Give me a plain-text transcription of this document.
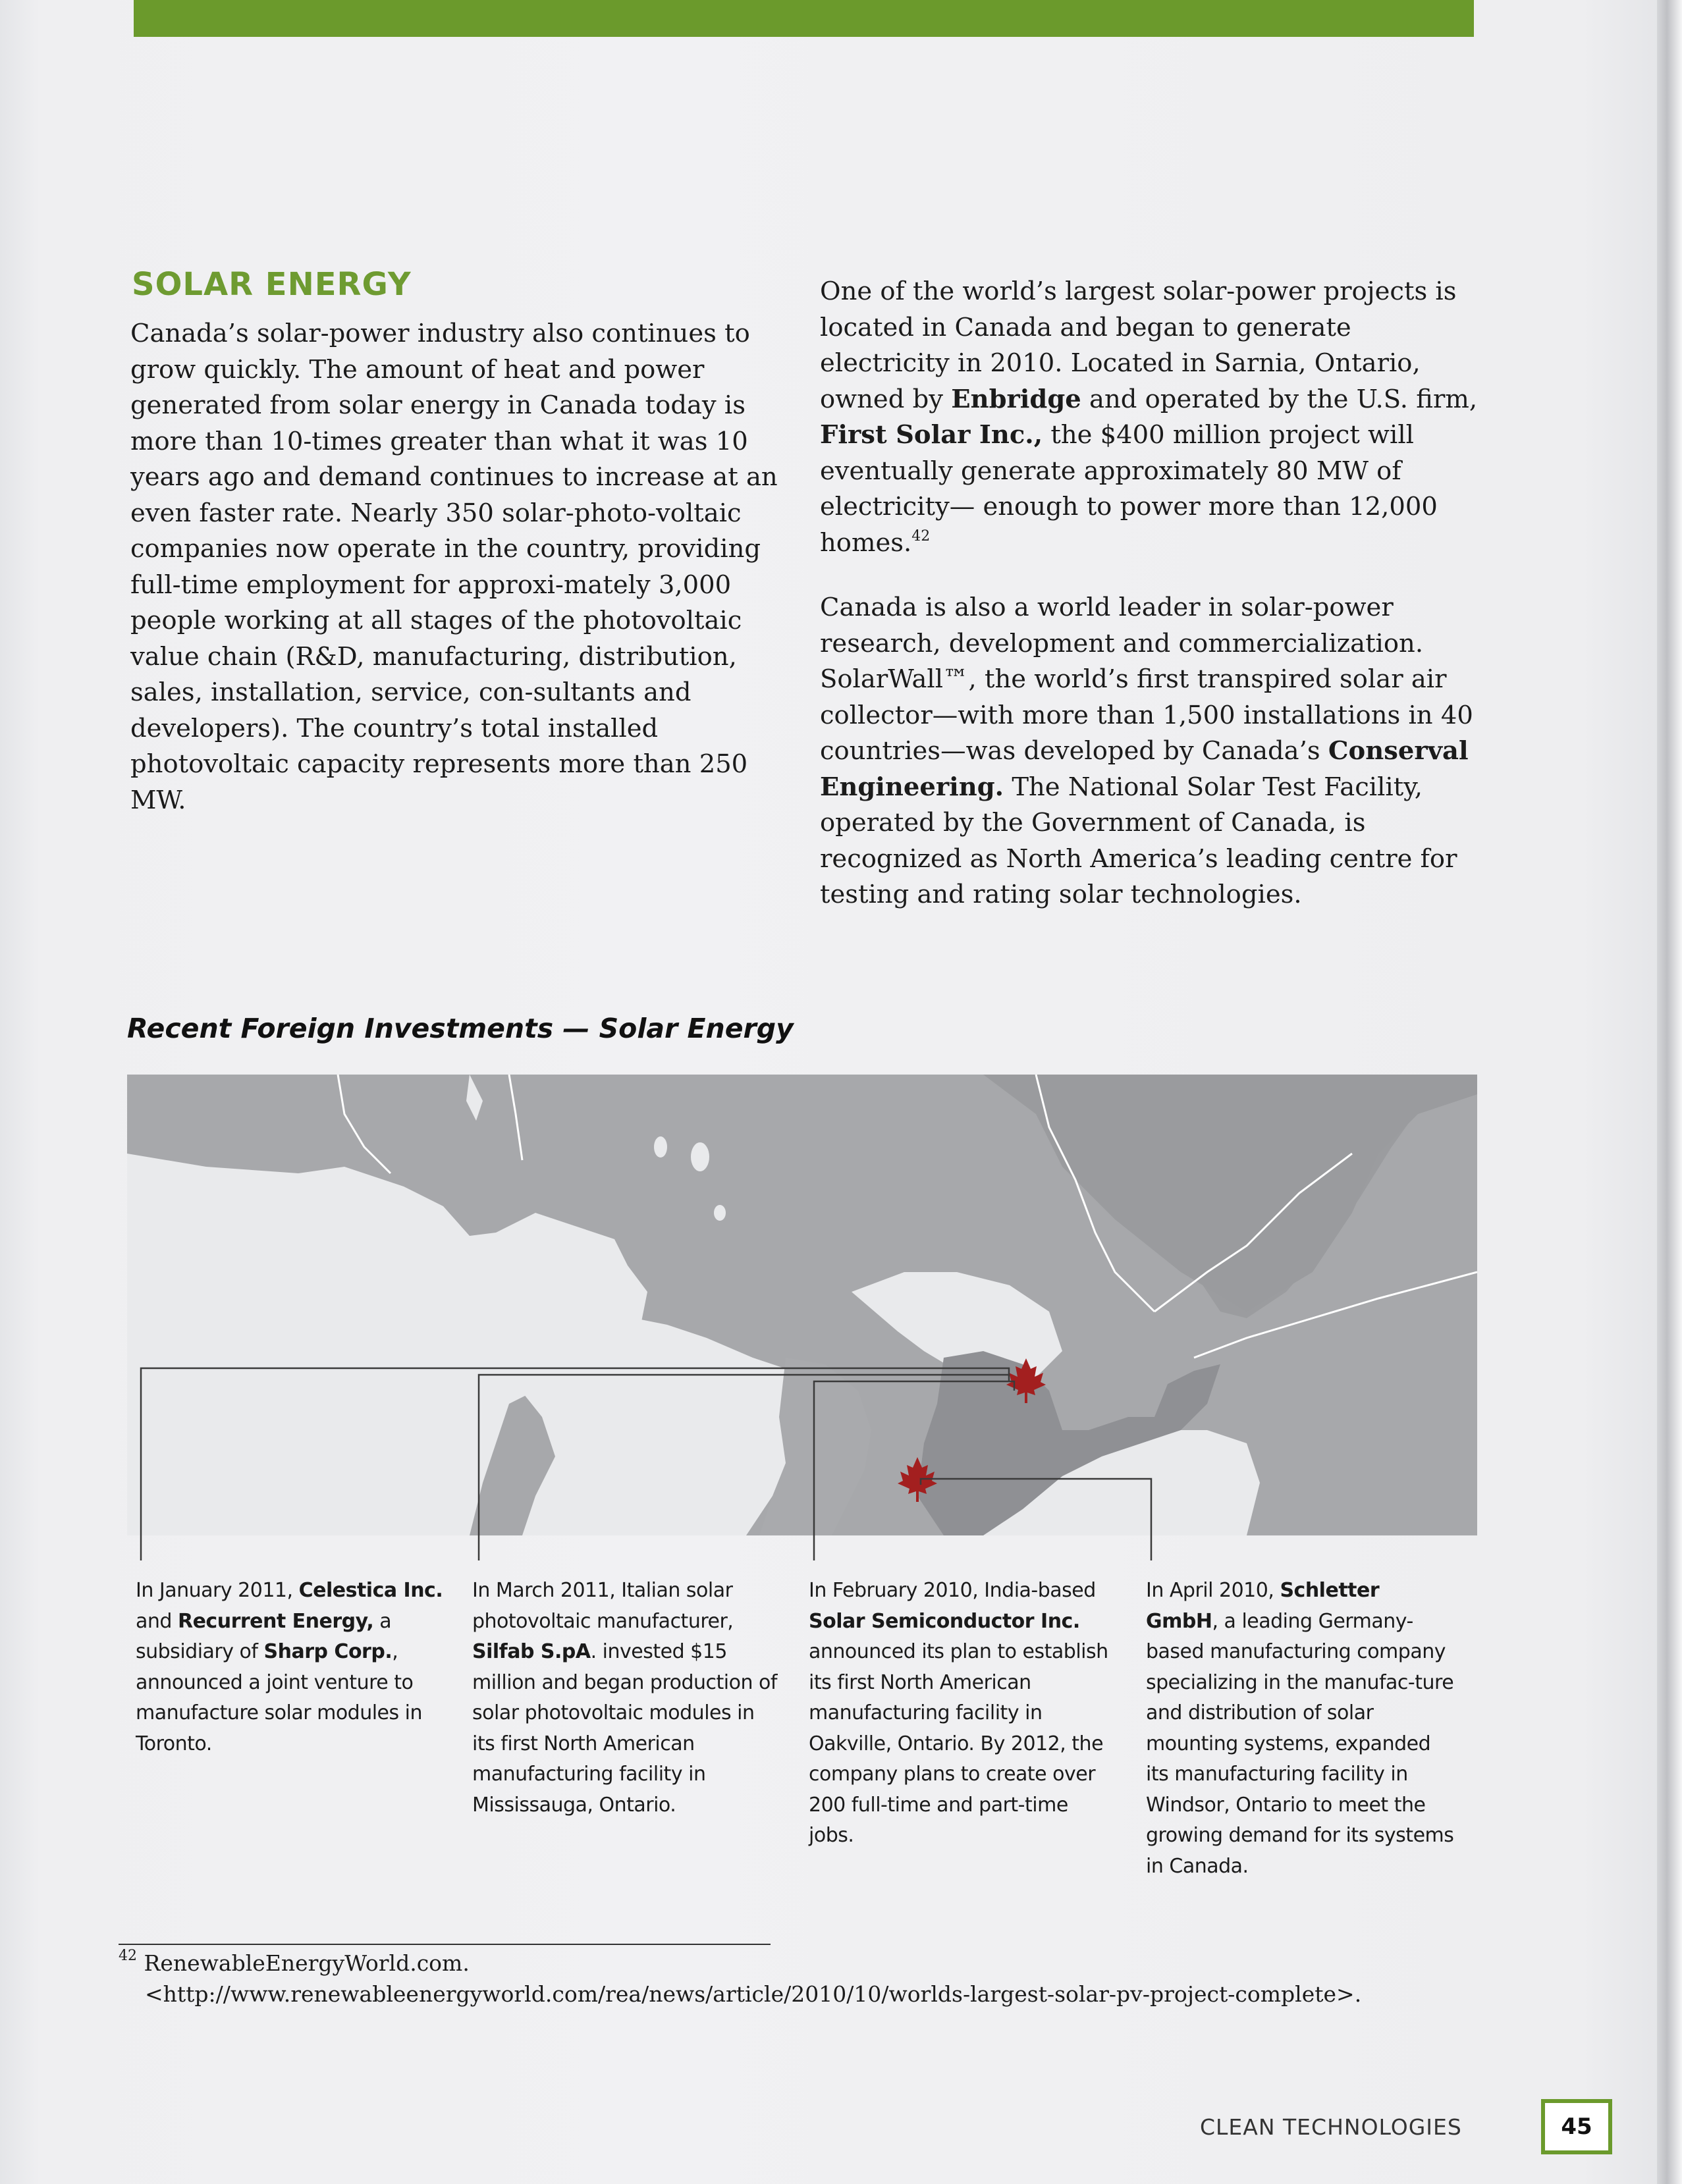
SOLAR ENERGY

Canada’s solar-power industry also continues to grow quickly. The amount of heat and power generated from solar energy in Canada today is more than 10-times greater than what it was 10 years ago and demand continues to increase at an even faster rate. Nearly 350 solar-photo-voltaic companies now operate in the country, providing full-time employment for approxi-mately 3,000 people working at all stages of the photovoltaic value chain (R&D, manufacturing, distribution, sales, installation, service, con-sultants and developers). The country’s total installed photovoltaic capacity represents more than 250 MW.

One of the world’s largest solar-power projects is located in Canada and began to generate electricity in 2010. Located in Sarnia, Ontario, owned by Enbridge and operated by the U.S. firm, First Solar Inc., the $400 million project will eventually generate approximately 80 MW of electricity— enough to power more than 12,000 homes.$^{42}$

Canada is also a world leader in solar-power research, development and commercialization. SolarWall™, the world’s first transpired solar air collector—with more than 1,500 installations in 40 countries—was developed by Canada’s Conserval Engineering. The National Solar Test Facility, operated by the Government of Canada, is recognized as North America’s leading centre for testing and rating solar technologies.

Recent Foreign Investments — Solar Energy
In January 2011, Celestica Inc. and Recurrent Energy, a subsidiary of Sharp Corp., announced a joint venture to manufacture solar modules in Toronto.
In March 2011, Italian solar photovoltaic manufacturer, Silfab S.pA. invested $15 million and began production of solar photovoltaic modules in its first North American manufacturing facility in Mississauga, Ontario.
In February 2010, India-based Solar Semiconductor Inc. announced its plan to establish its first North American manufacturing facility in Oakville, Ontario. By 2012, the company plans to create over 200 full-time and part-time jobs.
In April 2010, Schletter GmbH, a leading Germany-based manufacturing company specializing in the manufac-ture and distribution of solar mounting systems, expanded its manufacturing facility in Windsor, Ontario to meet the growing demand for its systems in Canada.
$^{42}$ RenewableEnergyWorld.com.
<http://www.renewableenergyworld.com/rea/news/article/2010/10/worlds-largest-solar-pv-project-complete>.
CLEAN TECHNOLOGIES	45
